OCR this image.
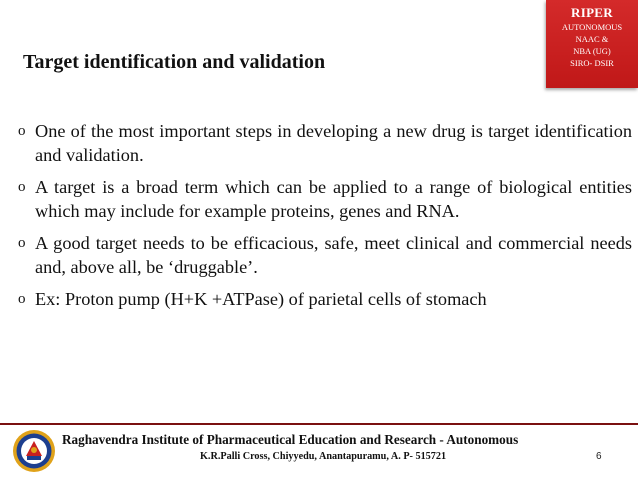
RIPER
AUTONOMOUS
NAAC &
NBA (UG)
SIRO- DSIR
Target identification and validation
o One of the most important steps in developing a new drug is target identification and validation.
o A target is a broad term which can be applied to a range of biological entities which may include for example proteins, genes and RNA.
o A good target needs to be efficacious, safe, meet clinical and commercial needs and, above all, be ‘druggable’.
o Ex: Proton pump (H+K +ATPase) of parietal cells of stomach
Raghavendra Institute of Pharmaceutical Education and Research - Autonomous
K.R.Palli Cross, Chiyyedu, Anantapuramu, A. P- 515721	6
